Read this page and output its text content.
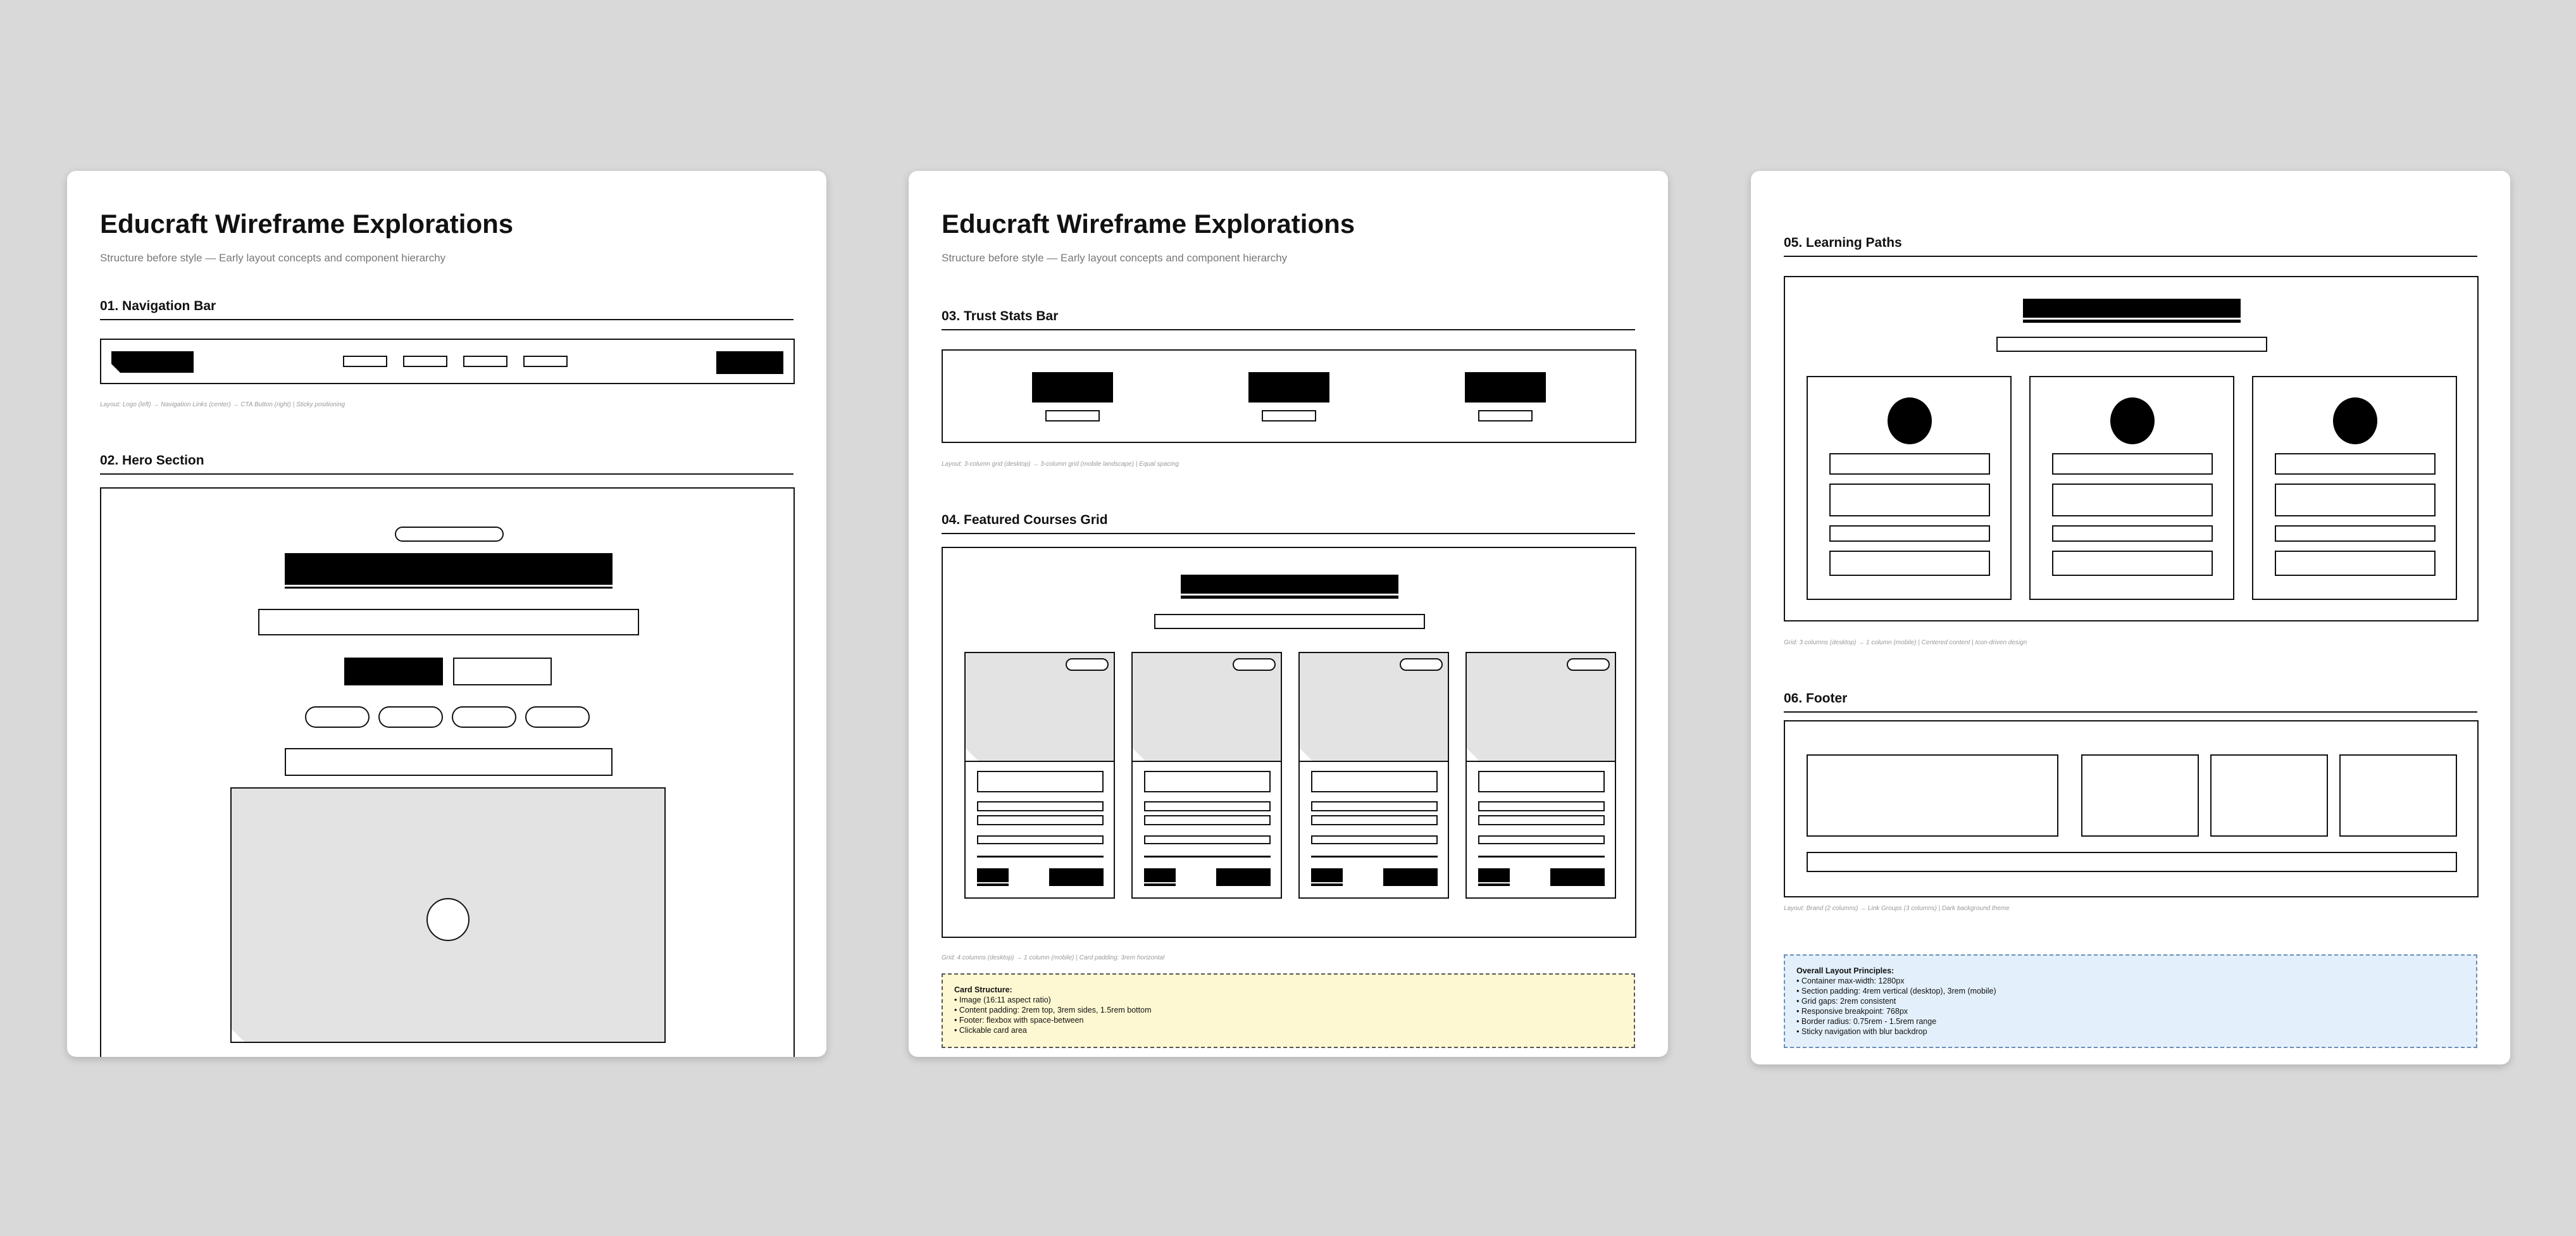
Educraft Wireframe Explorations
Structure before style — Early layout concepts and component hierarchy
01. Navigation Bar
Layout: Logo (left) → Navigation Links (center) → CTA Button (right) | Sticky positioning
02. Hero Section
Educraft Wireframe Explorations
Structure before style — Early layout concepts and component hierarchy
03. Trust Stats Bar
Layout: 3-column grid (desktop) → 3-column grid (mobile landscape) | Equal spacing
04. Featured Courses Grid
Grid: 4 columns (desktop) → 1 column (mobile) | Card padding: 3rem horizontal
Card Structure:
• Image (16:11 aspect ratio)
• Content padding: 2rem top, 3rem sides, 1.5rem bottom
• Footer: flexbox with space-between
• Clickable card area
05. Learning Paths
Grid: 3 columns (desktop) → 1 column (mobile) | Centered content | Icon-driven design
06. Footer
Layout: Brand (2 columns) → Link Groups (3 columns) | Dark background theme
Overall Layout Principles:
• Container max-width: 1280px
• Section padding: 4rem vertical (desktop), 3rem (mobile)
• Grid gaps: 2rem consistent
• Responsive breakpoint: 768px
• Border radius: 0.75rem - 1.5rem range
• Sticky navigation with blur backdrop
